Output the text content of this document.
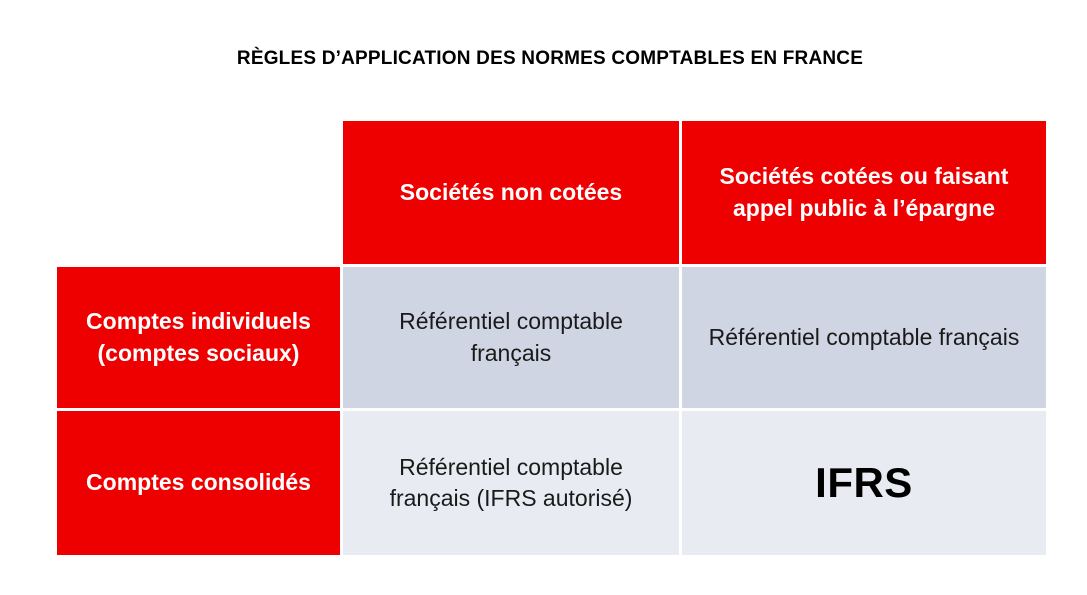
RÈGLES D’APPLICATION DES NORMES COMPTABLES EN FRANCE
Sociétés non cotées
Sociétés cotées ou faisant appel public à l’épargne
Comptes individuels (comptes sociaux)
Référentiel comptable français
Référentiel comptable français
Comptes consolidés
Référentiel comptable français (IFRS autorisé)	IFRS
